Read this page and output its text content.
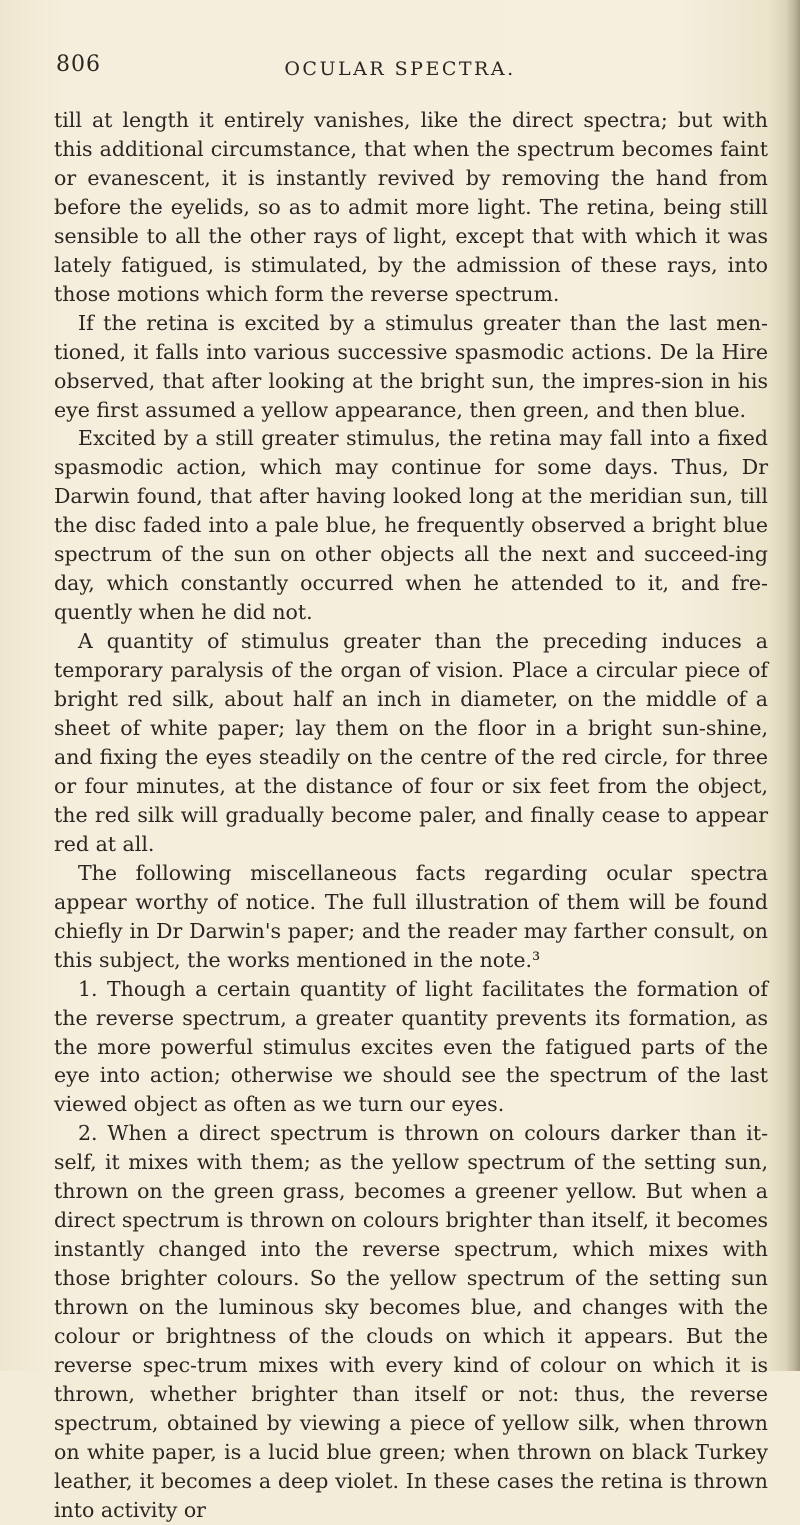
806	OCULAR SPECTRA.

till at length it entirely vanishes, like the direct spectra; but with this additional circumstance, that when the spectrum becomes faint or evanescent, it is instantly revived by removing the hand from before the eyelids, so as to admit more light. The retina, being still sensible to all the other rays of light, except that with which it was lately fatigued, is stimulated, by the admission of these rays, into those motions which form the reverse spectrum.

If the retina is excited by a stimulus greater than the last men-tioned, it falls into various successive spasmodic actions. De la Hire observed, that after looking at the bright sun, the impres-sion in his eye first assumed a yellow appearance, then green, and then blue.

Excited by a still greater stimulus, the retina may fall into a fixed spasmodic action, which may continue for some days. Thus, Dr Darwin found, that after having looked long at the meridian sun, till the disc faded into a pale blue, he frequently observed a bright blue spectrum of the sun on other objects all the next and succeed-ing day, which constantly occurred when he attended to it, and fre-quently when he did not.

A quantity of stimulus greater than the preceding induces a temporary paralysis of the organ of vision. Place a circular piece of bright red silk, about half an inch in diameter, on the middle of a sheet of white paper; lay them on the floor in a bright sun-shine, and fixing the eyes steadily on the centre of the red circle, for three or four minutes, at the distance of four or six feet from the object, the red silk will gradually become paler, and finally cease to appear red at all.

The following miscellaneous facts regarding ocular spectra appear worthy of notice. The full illustration of them will be found chiefly in Dr Darwin's paper; and the reader may farther consult, on this subject, the works mentioned in the note.³

1. Though a certain quantity of light facilitates the formation of the reverse spectrum, a greater quantity prevents its formation, as the more powerful stimulus excites even the fatigued parts of the eye into action; otherwise we should see the spectrum of the last viewed object as often as we turn our eyes.

2. When a direct spectrum is thrown on colours darker than it-self, it mixes with them; as the yellow spectrum of the setting sun, thrown on the green grass, becomes a greener yellow. But when a direct spectrum is thrown on colours brighter than itself, it becomes instantly changed into the reverse spectrum, which mixes with those brighter colours. So the yellow spectrum of the setting sun thrown on the luminous sky becomes blue, and changes with the colour or brightness of the clouds on which it appears. But the reverse spec-trum mixes with every kind of colour on which it is thrown, whether brighter than itself or not: thus, the reverse spectrum, obtained by viewing a piece of yellow silk, when thrown on white paper, is a lucid blue green; when thrown on black Turkey leather, it becomes a deep violet. In these cases the retina is thrown into activity or
